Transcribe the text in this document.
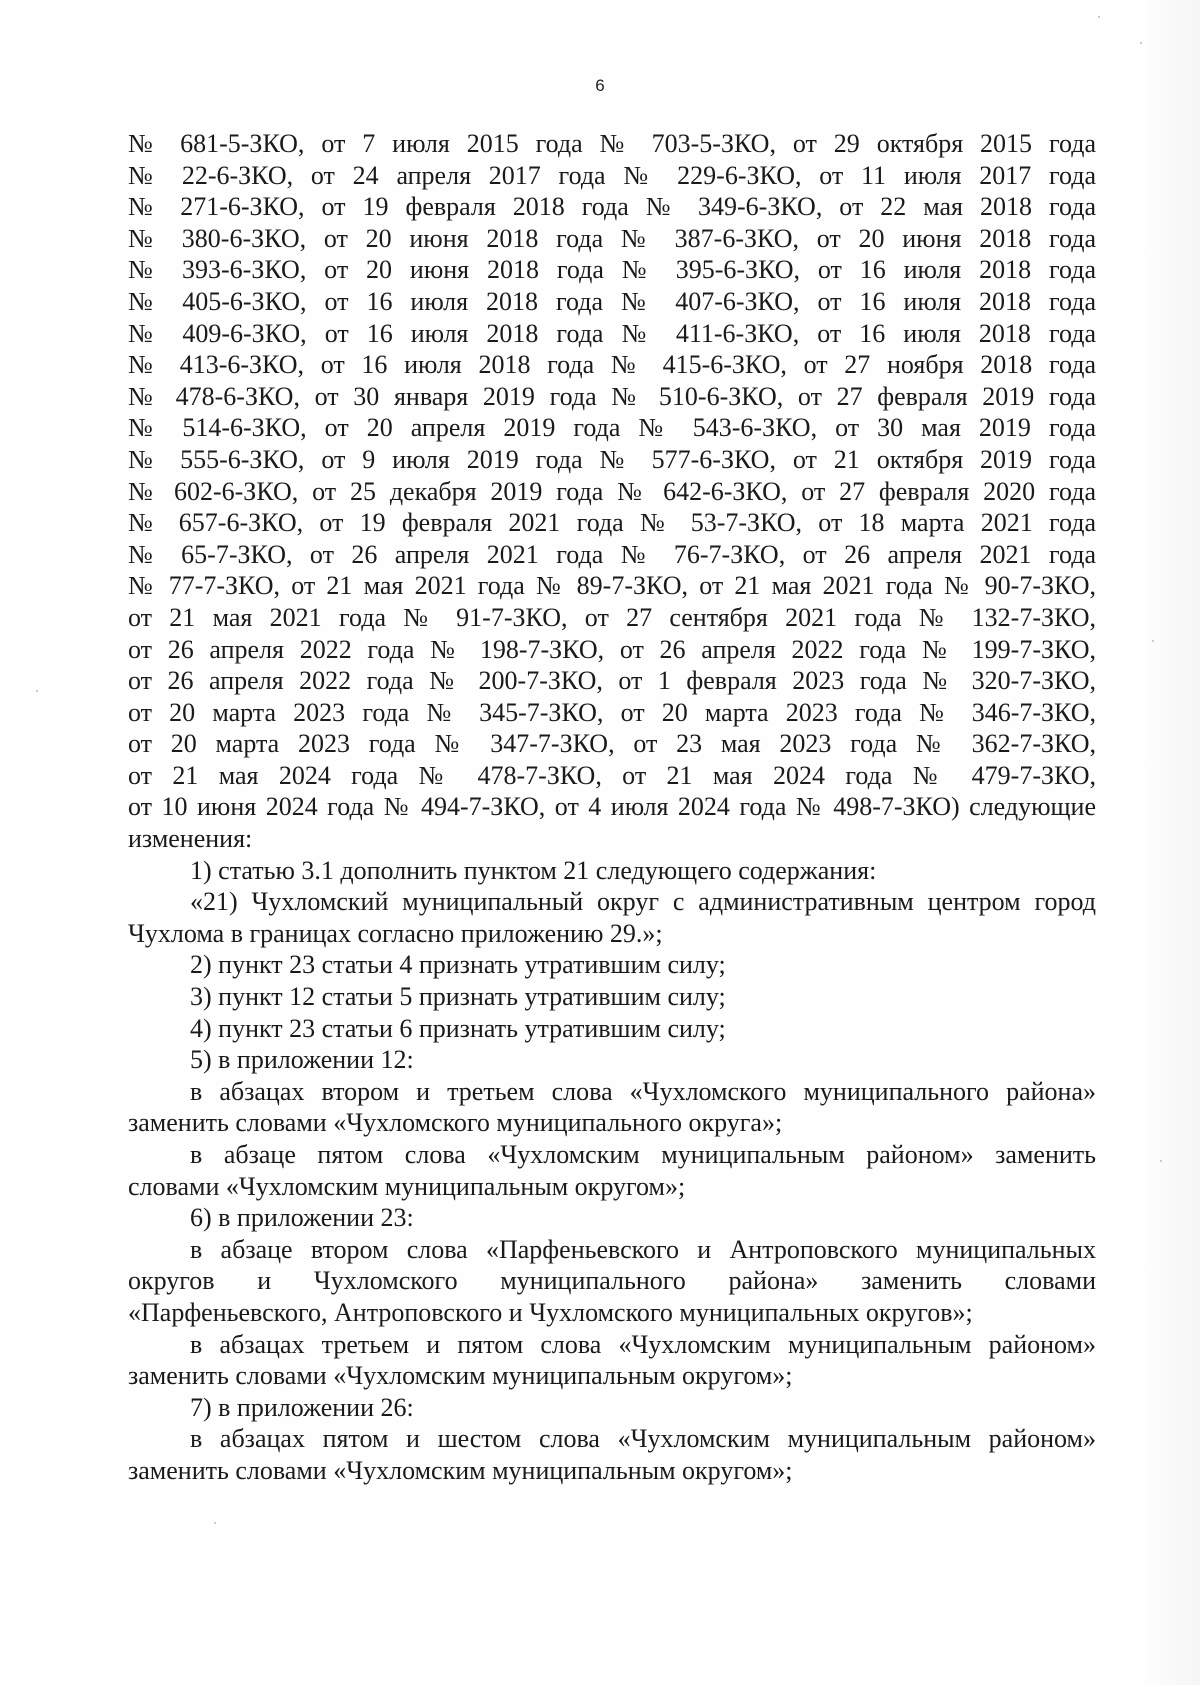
6

№ 681-5-ЗКО, от 7 июля 2015 года № 703-5-ЗКО, от 29 октября 2015 года

№ 22-6-ЗКО, от 24 апреля 2017 года № 229-6-ЗКО, от 11 июля 2017 года

№ 271-6-ЗКО, от 19 февраля 2018 года № 349-6-ЗКО, от 22 мая 2018 года

№ 380-6-ЗКО, от 20 июня 2018 года № 387-6-ЗКО, от 20 июня 2018 года

№ 393-6-ЗКО, от 20 июня 2018 года № 395-6-ЗКО, от 16 июля 2018 года

№ 405-6-ЗКО, от 16 июля 2018 года № 407-6-ЗКО, от 16 июля 2018 года

№ 409-6-ЗКО, от 16 июля 2018 года № 411-6-ЗКО, от 16 июля 2018 года

№ 413-6-ЗКО, от 16 июля 2018 года № 415-6-ЗКО, от 27 ноября 2018 года

№ 478-6-ЗКО, от 30 января 2019 года № 510-6-ЗКО, от 27 февраля 2019 года

№ 514-6-ЗКО, от 20 апреля 2019 года № 543-6-ЗКО, от 30 мая 2019 года

№ 555-6-ЗКО, от 9 июля 2019 года № 577-6-ЗКО, от 21 октября 2019 года

№ 602-6-ЗКО, от 25 декабря 2019 года № 642-6-ЗКО, от 27 февраля 2020 года

№ 657-6-ЗКО, от 19 февраля 2021 года № 53-7-ЗКО, от 18 марта 2021 года

№ 65-7-ЗКО, от 26 апреля 2021 года № 76-7-ЗКО, от 26 апреля 2021 года

№ 77-7-ЗКО, от 21 мая 2021 года № 89-7-ЗКО, от 21 мая 2021 года № 90-7-ЗКО,

от 21 мая 2021 года № 91-7-ЗКО, от 27 сентября 2021 года № 132-7-ЗКО,

от 26 апреля 2022 года № 198-7-ЗКО, от 26 апреля 2022 года № 199-7-ЗКО,

от 26 апреля 2022 года № 200-7-ЗКО, от 1 февраля 2023 года № 320-7-ЗКО,

от 20 марта 2023 года № 345-7-ЗКО, от 20 марта 2023 года № 346-7-ЗКО,

от 20 марта 2023 года № 347-7-ЗКО, от 23 мая 2023 года № 362-7-ЗКО,

от 21 мая 2024 года № 478-7-ЗКО, от 21 мая 2024 года № 479-7-ЗКО,

от 10 июня 2024 года № 494-7-ЗКО, от 4 июля 2024 года № 498-7-ЗКО) следующие

изменения:

1) статью 3.1 дополнить пунктом 21 следующего содержания:

«21) Чухломский муниципальный округ с административным центром город

Чухлома в границах согласно приложению 29.»;

2) пункт 23 статьи 4 признать утратившим силу;

3) пункт 12 статьи 5 признать утратившим силу;

4) пункт 23 статьи 6 признать утратившим силу;

5) в приложении 12:

в абзацах втором и третьем слова «Чухломского муниципального района»

заменить словами «Чухломского муниципального округа»;

в абзаце пятом слова «Чухломским муниципальным районом» заменить

словами «Чухломским муниципальным округом»;

6) в приложении 23:

в абзаце втором слова «Парфеньевского и Антроповского муниципальных

округов и Чухломского муниципального района» заменить словами

«Парфеньевского, Антроповского и Чухломского муниципальных округов»;

в абзацах третьем и пятом слова «Чухломским муниципальным районом»

заменить словами «Чухломским муниципальным округом»;

7) в приложении 26:

в абзацах пятом и шестом слова «Чухломским муниципальным районом»

заменить словами «Чухломским муниципальным округом»;
